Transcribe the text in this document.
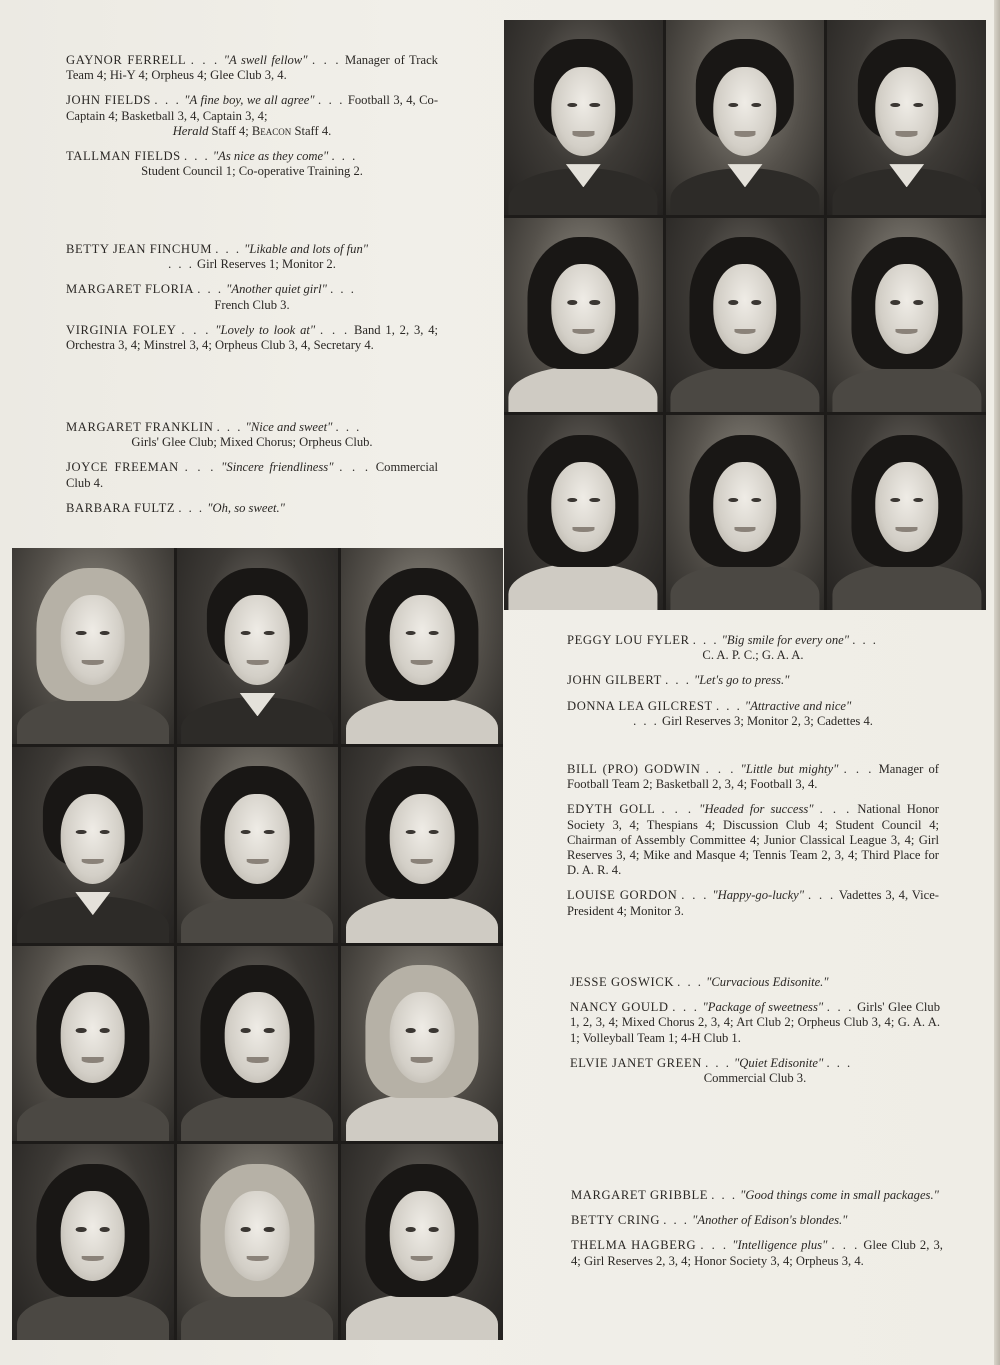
GAYNOR FERRELL . . . "A swell fellow" . . . Manager of Track Team 4; Hi-Y 4; Orpheus 4; Glee Club 3, 4.

JOHN FIELDS . . . "A fine boy, we all agree" . . . Football 3, 4, Co-Captain 4; Basketball 3, 4, Captain 3, 4;
Herald Staff 4; Beacon Staff 4.

TALLMAN FIELDS . . . "As nice as they come" . . .
Student Council 1; Co-operative Training 2.

BETTY JEAN FINCHUM . . . "Likable and lots of fun"
. . . Girl Reserves 1; Monitor 2.

MARGARET FLORIA . . . "Another quiet girl" . . .
French Club 3.

VIRGINIA FOLEY . . . "Lovely to look at" . . . Band 1, 2, 3, 4; Orchestra 3, 4; Minstrel 3, 4; Orpheus Club 3, 4, Secretary 4.

MARGARET FRANKLIN . . . "Nice and sweet" . . .
Girls' Glee Club; Mixed Chorus; Orpheus Club.

JOYCE FREEMAN . . . "Sincere friendliness" . . . Commercial Club 4.

BARBARA FULTZ . . . "Oh, so sweet."

PEGGY LOU FYLER . . . "Big smile for every one" . . .
C. A. P. C.; G. A. A.

JOHN GILBERT . . . "Let's go to press."

DONNA LEA GILCREST . . . "Attractive and nice"
. . . Girl Reserves 3; Monitor 2, 3; Cadettes 4.

BILL (PRO) GODWIN . . . "Little but mighty" . . . Manager of Football Team 2; Basketball 2, 3, 4; Football 3, 4.

EDYTH GOLL . . . "Headed for success" . . . National Honor Society 3, 4; Thespians 4; Discussion Club 4; Student Council 4; Chairman of Assembly Committee 4; Junior Classical League 3, 4; Girl Reserves 3, 4; Mike and Masque 4; Tennis Team 2, 3, 4; Third Place for D. A. R. 4.

LOUISE GORDON . . . "Happy-go-lucky" . . . Vadettes 3, 4, Vice-President 4; Monitor 3.

JESSE GOSWICK . . . "Curvacious Edisonite."

NANCY GOULD . . . "Package of sweetness" . . . Girls' Glee Club 1, 2, 3, 4; Mixed Chorus 2, 3, 4; Art Club 2; Orpheus Club 3, 4; G. A. A. 1; Volleyball Team 1; 4-H Club 1.

ELVIE JANET GREEN . . . "Quiet Edisonite" . . .
Commercial Club 3.

MARGARET GRIBBLE . . . "Good things come in small packages."

BETTY CRING . . . "Another of Edison's blondes."

THELMA HAGBERG . . . "Intelligence plus" . . . Glee Club 2, 3, 4; Girl Reserves 2, 3, 4; Honor Society 3, 4; Orpheus 3, 4.
